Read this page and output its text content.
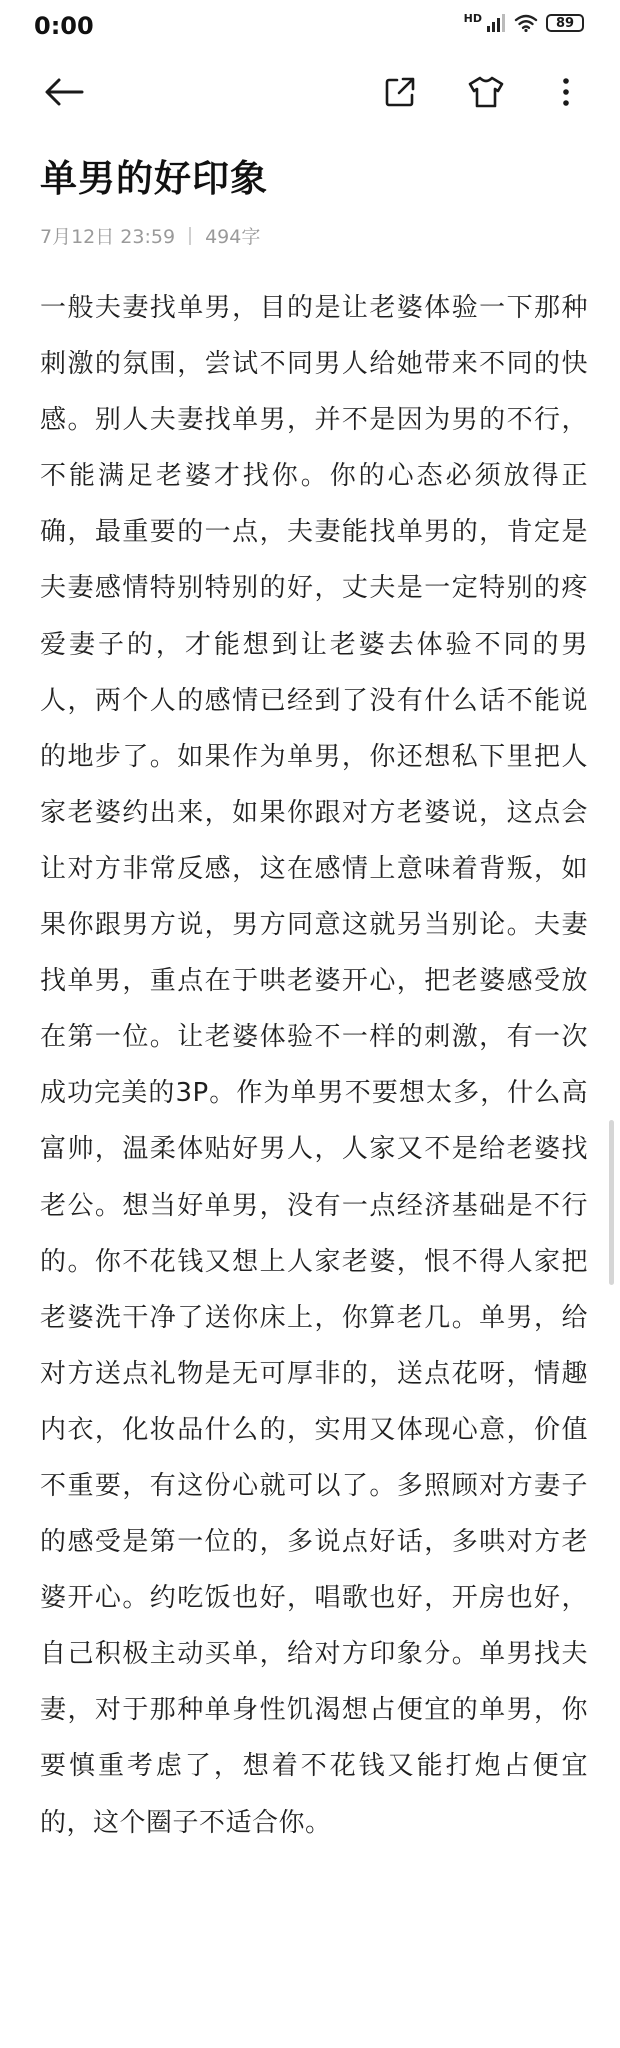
0:00	HD	89
单男的好印象
7月12日 23:59 494字

一般夫妻找单男，目的是让老婆体验一下那种刺激的氛围，尝试不同男人给她带来不同的快感。别人夫妻找单男，并不是因为男的不行，不能满足老婆才找你。你的心态必须放得正确，最重要的一点，夫妻能找单男的，肯定是夫妻感情特别特别的好，丈夫是一定特别的疼爱妻子的，才能想到让老婆去体验不同的男人，两个人的感情已经到了没有什么话不能说的地步了。如果作为单男，你还想私下里把人家老婆约出来，如果你跟对方老婆说，这点会让对方非常反感，这在感情上意味着背叛，如果你跟男方说，男方同意这就另当别论。夫妻找单男，重点在于哄老婆开心，把老婆感受放在第一位。让老婆体验不一样的刺激，有一次成功完美的3P。作为单男不要想太多，什么高富帅，温柔体贴好男人，人家又不是给老婆找老公。想当好单男，没有一点经济基础是不行的。你不花钱又想上人家老婆，恨不得人家把老婆洗干净了送你床上，你算老几。单男，给对方送点礼物是无可厚非的，送点花呀，情趣内衣，化妆品什么的，实用又体现心意，价值不重要，有这份心就可以了。多照顾对方妻子的感受是第一位的，多说点好话，多哄对方老婆开心。约吃饭也好，唱歌也好，开房也好，自己积极主动买单，给对方印象分。单男找夫妻，对于那种单身性饥渴想占便宜的单男，你要慎重考虑了，想着不花钱又能打炮占便宜的，这个圈子不适合你。
